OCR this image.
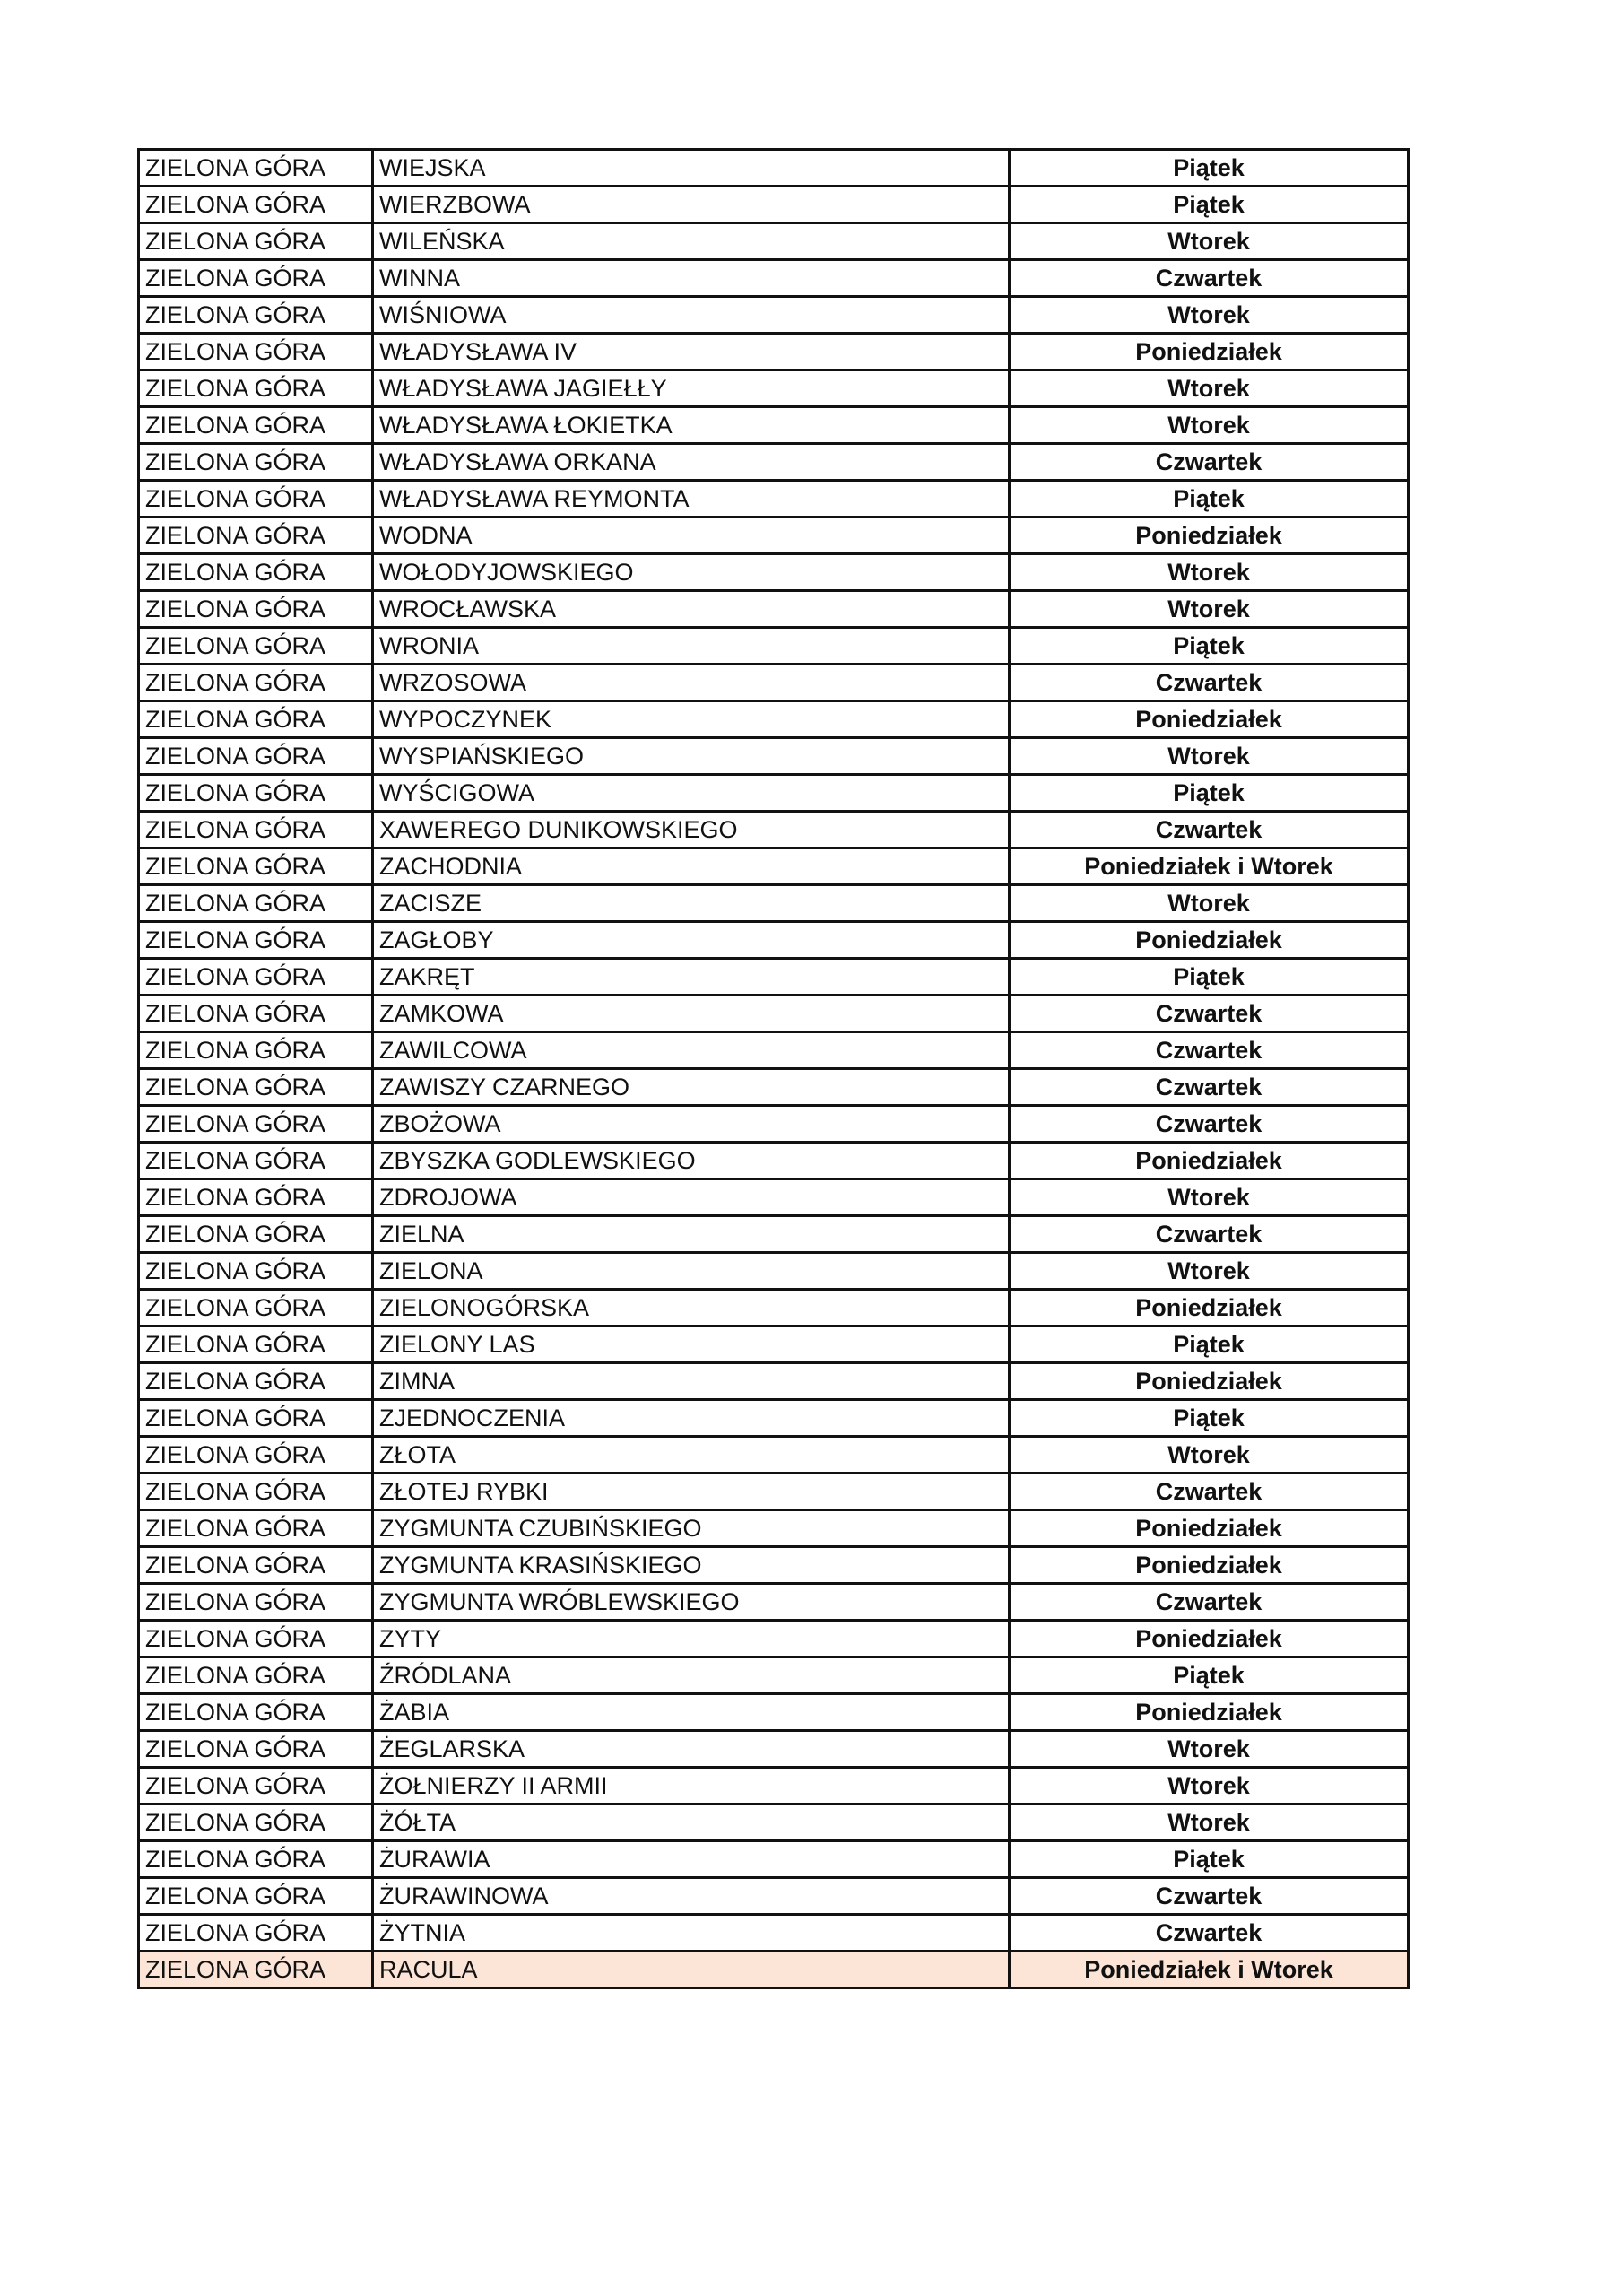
ZIELONA GÓRA	WIEJSKA	Piątek
ZIELONA GÓRA	WIERZBOWA	Piątek
ZIELONA GÓRA	WILEŃSKA	Wtorek
ZIELONA GÓRA	WINNA	Czwartek
ZIELONA GÓRA	WIŚNIOWA	Wtorek
ZIELONA GÓRA	WŁADYSŁAWA IV	Poniedziałek
ZIELONA GÓRA	WŁADYSŁAWA JAGIEŁŁY	Wtorek
ZIELONA GÓRA	WŁADYSŁAWA ŁOKIETKA	Wtorek
ZIELONA GÓRA	WŁADYSŁAWA ORKANA	Czwartek
ZIELONA GÓRA	WŁADYSŁAWA REYMONTA	Piątek
ZIELONA GÓRA	WODNA	Poniedziałek
ZIELONA GÓRA	WOŁODYJOWSKIEGO	Wtorek
ZIELONA GÓRA	WROCŁAWSKA	Wtorek
ZIELONA GÓRA	WRONIA	Piątek
ZIELONA GÓRA	WRZOSOWA	Czwartek
ZIELONA GÓRA	WYPOCZYNEK	Poniedziałek
ZIELONA GÓRA	WYSPIAŃSKIEGO	Wtorek
ZIELONA GÓRA	WYŚCIGOWA	Piątek
ZIELONA GÓRA	XAWEREGO DUNIKOWSKIEGO	Czwartek
ZIELONA GÓRA	ZACHODNIA	Poniedziałek i Wtorek
ZIELONA GÓRA	ZACISZE	Wtorek
ZIELONA GÓRA	ZAGŁOBY	Poniedziałek
ZIELONA GÓRA	ZAKRĘT	Piątek
ZIELONA GÓRA	ZAMKOWA	Czwartek
ZIELONA GÓRA	ZAWILCOWA	Czwartek
ZIELONA GÓRA	ZAWISZY CZARNEGO	Czwartek
ZIELONA GÓRA	ZBOŻOWA	Czwartek
ZIELONA GÓRA	ZBYSZKA GODLEWSKIEGO	Poniedziałek
ZIELONA GÓRA	ZDROJOWA	Wtorek
ZIELONA GÓRA	ZIELNA	Czwartek
ZIELONA GÓRA	ZIELONA	Wtorek
ZIELONA GÓRA	ZIELONOGÓRSKA	Poniedziałek
ZIELONA GÓRA	ZIELONY LAS	Piątek
ZIELONA GÓRA	ZIMNA	Poniedziałek
ZIELONA GÓRA	ZJEDNOCZENIA	Piątek
ZIELONA GÓRA	ZŁOTA	Wtorek
ZIELONA GÓRA	ZŁOTEJ RYBKI	Czwartek
ZIELONA GÓRA	ZYGMUNTA CZUBIŃSKIEGO	Poniedziałek
ZIELONA GÓRA	ZYGMUNTA KRASIŃSKIEGO	Poniedziałek
ZIELONA GÓRA	ZYGMUNTA WRÓBLEWSKIEGO	Czwartek
ZIELONA GÓRA	ZYTY	Poniedziałek
ZIELONA GÓRA	ŹRÓDLANA	Piątek
ZIELONA GÓRA	ŻABIA	Poniedziałek
ZIELONA GÓRA	ŻEGLARSKA	Wtorek
ZIELONA GÓRA	ŻOŁNIERZY II ARMII	Wtorek
ZIELONA GÓRA	ŻÓŁTA	Wtorek
ZIELONA GÓRA	ŻURAWIA	Piątek
ZIELONA GÓRA	ŻURAWINOWA	Czwartek
ZIELONA GÓRA	ŻYTNIA	Czwartek
ZIELONA GÓRA	RACULA	Poniedziałek i Wtorek
